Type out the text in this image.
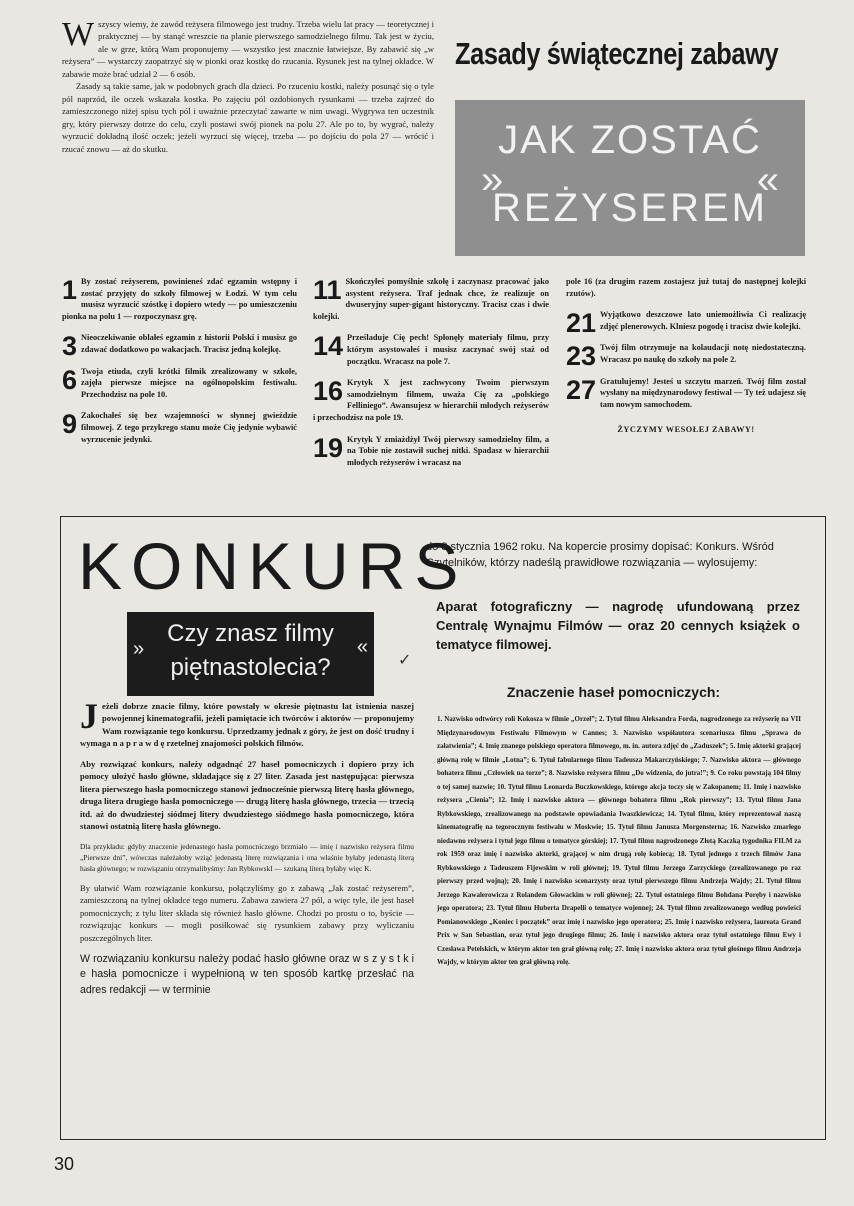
W szyscy wiemy, że zawód reżysera filmowego jest trudny. Trzeba wielu lat pracy — teoretycznej i praktycznej — by stanąć wreszcie na planie pierwszego samodzielnego filmu. Tak jest w życiu, ale w grze, którą Wam proponujemy — wszystko jest znacznie łatwiejsze. By zabawić się „w reżysera” — wystarczy zaopatrzyć się w pionki oraz kostkę do rzucania. Rysunek jest na tylnej okładce. W zabawie może brać udział 2 — 6 osób.

Zasady są takie same, jak w podobnych grach dla dzieci. Po rzuceniu kostki, należy posunąć się o tyle pól naprzód, ile oczek wskazała kostka. Po zajęciu pól ozdobionych rysunkami — trzeba zajrzeć do zamieszczonego niżej spisu tych pól i uważnie przeczytać zawarte w nim uwagi. Wygrywa ten uczestnik gry, który pierwszy dotrze do celu, czyli postawi swój pionek na polu 27. Ale po to, by wygrać, należy wyrzucić dokładną ilość oczek; jeżeli wyrzuci się więcej, trzeba — po dojściu do pola 27 — wrócić i rzucać znowu — aż do skutku.

Zasady świątecznej zabawy
JAK ZOSTAĆ
»	«
REŻYSEREM
1 By zostać reżyserem, powinieneś zdać egzamin wstępny i zostać przyjęty do szkoły filmowej w Łodzi. W tym celu musisz wyrzucić szóstkę i dopiero wtedy — po umieszczeniu pionka na polu 1 — rozpoczynasz grę.
3 Nieoczekiwanie oblałeś egzamin z historii Polski i musisz go zdawać dodatkowo po wakacjach. Tracisz jedną kolejkę.
6 Twoja etiuda, czyli krótki filmik zrealizowany w szkole, zajęła pierwsze miejsce na ogólnopolskim festiwalu. Przechodzisz na pole 10.
9 Zakochałeś się bez wzajemności w słynnej gwieździe filmowej. Z tego przykrego stanu może Cię jedynie wybawić wyrzucenie jedynki.
11 Skończyłeś pomyślnie szkołę i zaczynasz pracować jako asystent reżysera. Traf jednak chce, że realizuje on dwuseryjny super-gigant historyczny. Tracisz czas i dwie kolejki.
14 Prześladuje Cię pech! Spłonęły materiały filmu, przy którym asystowałeś i musisz zaczynać swój staż od początku. Wracasz na pole 7.
16 Krytyk X jest zachwycony Twoim pierwszym samodzielnym filmem, uważa Cię za „polskiego Felliniego”. Awansujesz w hierarchii młodych reżyserów i przechodzisz na pole 19.
19 Krytyk Y zmiażdżył Twój pierwszy samodzielny film, a na Tobie nie zostawił suchej nitki. Spadasz w hierarchii młodych reżyserów i wracasz na
pole 16 (za drugim razem zostajesz już tutaj do następnej kolejki rzutów).
21 Wyjątkowo deszczowe lato uniemożliwia Ci realizację zdjęć plenerowych. Klniesz pogodę i tracisz dwie kolejki.
23 Twój film otrzymuje na kolaudacji notę niedostateczną. Wracasz po naukę do szkoły na pole 2.
27 Gratulujemy! Jesteś u szczytu marzeń. Twój film został wysłany na międzynarodowy festiwal — Ty też udajesz się tam nowym samochodem.
ŻYCZYMY WESOŁEJ ZABAWY!
KONKURS
»
Czy znasz filmy
piętnastolecia?
«
✓

Jeżeli dobrze znacie filmy, które powstały w okresie piętnastu lat istnienia naszej powojennej kinematografii, jeżeli pamiętacie ich twórców i aktorów — proponujemy Wam rozwiązanie tego konkursu. Uprzedzamy jednak z góry, że jest on dość trudny i wymaga n a p r a w d ę rzetelnej znajomości polskich filmów.

Aby rozwiązać konkurs, należy odgadnąć 27 haseł pomocniczych i dopiero przy ich pomocy ułożyć hasło główne, składające się z 27 liter. Zasada jest następująca: pierwsza litera pierwszego hasła pomocniczego stanowi jednocześnie pierwszą literę hasła głównego, druga litera drugiego hasła pomocniczego — drugą literę hasła głównego, trzecia — trzecią itd. aż do dwudziestej siódmej litery dwudziestego siódmego hasła pomocniczego, która stanowi ostatnią literę hasła głównego.

Dla przykładu: gdyby znaczenie jedenastego hasła pomocniczego brzmiało — imię i nazwisko reżysera filmu „Pierwsze dni”, wówczas należałoby wziąć jedenastą literę rozwiązania i ona właśnie byłaby jedenastą literą hasła głównego; w rozwiązaniu otrzymalibyśmy: Jan RybkowskI — szukaną literą byłaby więc K.

By ułatwić Wam rozwiązanie konkursu, połączyliśmy go z zabawą „Jak zostać reżyserem”, zamieszczoną na tylnej okładce tego numeru. Zabawa zawiera 27 pól, a więc tyle, ile jest haseł pomocniczych; z tylu liter składa się również hasło główne. Chodzi po prostu o to, byście — rozwiązując konkurs — mogli posiłkować się rysunkiem zabawy przy wyliczaniu poszczególnych liter.

W rozwiązaniu konkursu należy podać hasło główne oraz w s z y s t k i e hasła pomocnicze i wypełnioną w ten sposób kartkę przesłać na adres redakcji — w terminie

do 8 stycznia 1962 roku. Na kopercie prosimy dopisać: Konkurs. Wśród Czytelników, którzy nadeślą prawidłowe rozwiązania — wylosujemy:
Aparat fotograficzny — nagrodę ufundowaną przez Centralę Wynajmu Filmów — oraz 20 cennych książek o tematyce filmowej.
Znaczenie haseł pomocniczych:
1. Nazwisko odtwórcy roli Kokosza w filmie „Orzeł”; 2. Tytuł filmu Aleksandra Forda, nagrodzonego za reżyserię na VII Międzynarodowym Festiwalu Filmowym w Cannes; 3. Nazwisko współautora scenariusza filmu „Sprawa do załatwienia”; 4. Imię znanego polskiego operatora filmowego, m. in. autora zdjęć do „Zaduszek”; 5. Imię aktorki grającej główną rolę w filmie „Lotna”; 6. Tytuł fabularnego filmu Tadeusza Makarczyńskiego; 7. Nazwisko aktora — głównego bohatera filmu „Człowiek na torze”; 8. Nazwisko reżysera filmu „Do widzenia, do jutra!”; 9. Co roku powstają 104 filmy o tej samej nazwie; 10. Tytuł filmu Leonarda Buczkowskiego, którego akcja toczy się w Zakopanem; 11. Imię i nazwisko reżysera „Cienia”; 12. Imię i nazwisko aktora — głównego bohatera filmu „Rok pierwszy”; 13. Tytuł filmu Jana Rybkowskiego, zrealizowanego na podstawie opowiadania Iwaszkiewicza; 14. Tytuł filmu, który reprezentował naszą kinematografię na tegorocznym festiwalu w Moskwie; 15. Tytuł filmu Janusza Morgensterna; 16. Nazwisko zmarłego niedawno reżysera i tytuł jego filmu o tematyce górskiej; 17. Tytuł filmu nagrodzonego Złotą Kaczką tygodnika FILM za rok 1959 oraz imię i nazwisko aktorki, grającej w nim drugą rolę kobiecą; 18. Tytuł jednego z trzech filmów Jana Rybkowskiego z Tadeuszem Fijewskim w roli głównej; 19. Tytuł filmu Jerzego Zarzyckiego (zrealizowanego po raz pierwszy przed wojną); 20. Imię i nazwisko scenarzysty oraz tytuł pierwszego filmu Andrzeja Wajdy; 21. Tytuł filmu Jerzego Kawalerowicza z Rolandem Głowackim w roli głównej; 22. Tytuł ostatniego filmu Bohdana Poręby i nazwisko jego operatora; 23. Tytuł filmu Huberta Drapelli o tematyce wojennej; 24. Tytuł filmu zrealizowanego według powieści Pomianowskiego „Koniec i początek” oraz imię i nazwisko jego operatora; 25. Imię i nazwisko reżysera, laureata Grand Prix w San Sebastian, oraz tytuł jego drugiego filmu; 26. Imię i nazwisko aktora oraz tytuł ostatniego filmu Ewy i Czesława Petelskich, w którym aktor ten grał główną rolę; 27. Imię i nazwisko aktora oraz tytuł głośnego filmu Andrzeja Wajdy, w którym aktor ten grał główną rolę.
30
